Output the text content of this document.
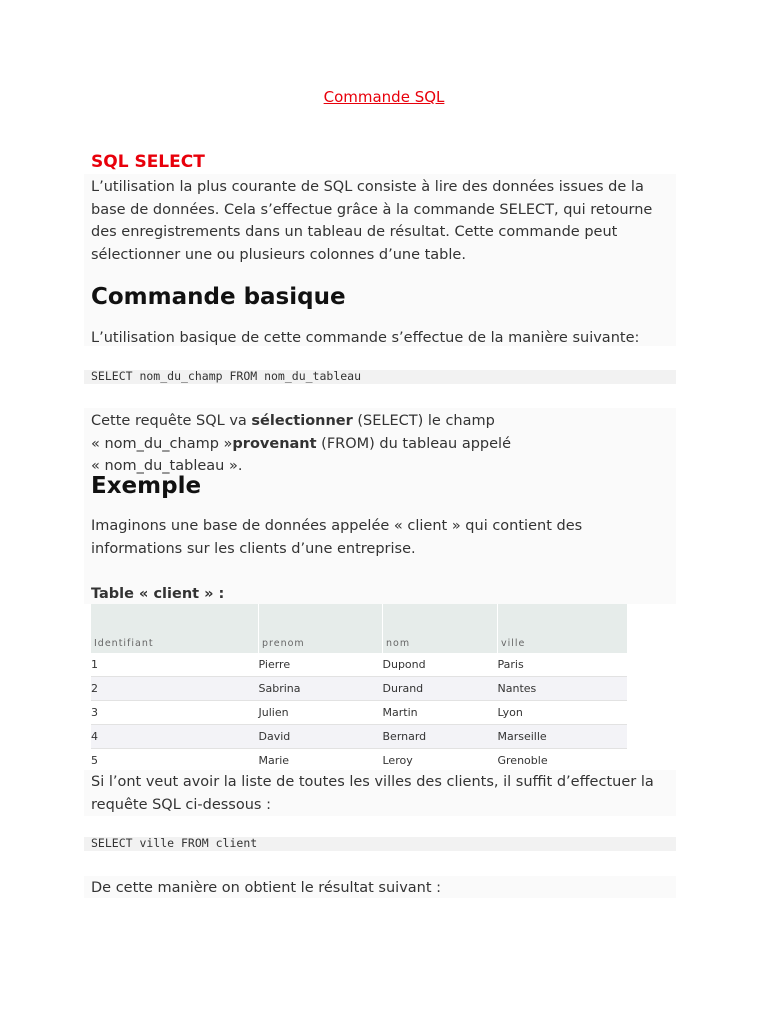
Commande SQL
SQL SELECT
L’utilisation la plus courante de SQL consiste à lire des données issues de la
base de données. Cela s’effectue grâce à la commande SELECT, qui retourne
des enregistrements dans un tableau de résultat. Cette commande peut
sélectionner une ou plusieurs colonnes d’une table.
Commande basique
L’utilisation basique de cette commande s’effectue de la manière suivante:
SELECT nom_du_champ FROM nom_du_tableau
Cette requête SQL va sélectionner (SELECT) le champ
« nom_du_champ »provenant (FROM) du tableau appelé
« nom_du_tableau ».
Exemple
Imaginons une base de données appelée « client » qui contient des
informations sur les clients d’une entreprise.
Table « client » :
Identifiant	prenom	nom	ville
1	Pierre	Dupond	Paris
2	Sabrina	Durand	Nantes
3	Julien	Martin	Lyon
4	David	Bernard	Marseille
5	Marie	Leroy	Grenoble
Si l’ont veut avoir la liste de toutes les villes des clients, il suffit d’effectuer la
requête SQL ci-dessous :
SELECT ville FROM client
De cette manière on obtient le résultat suivant :
